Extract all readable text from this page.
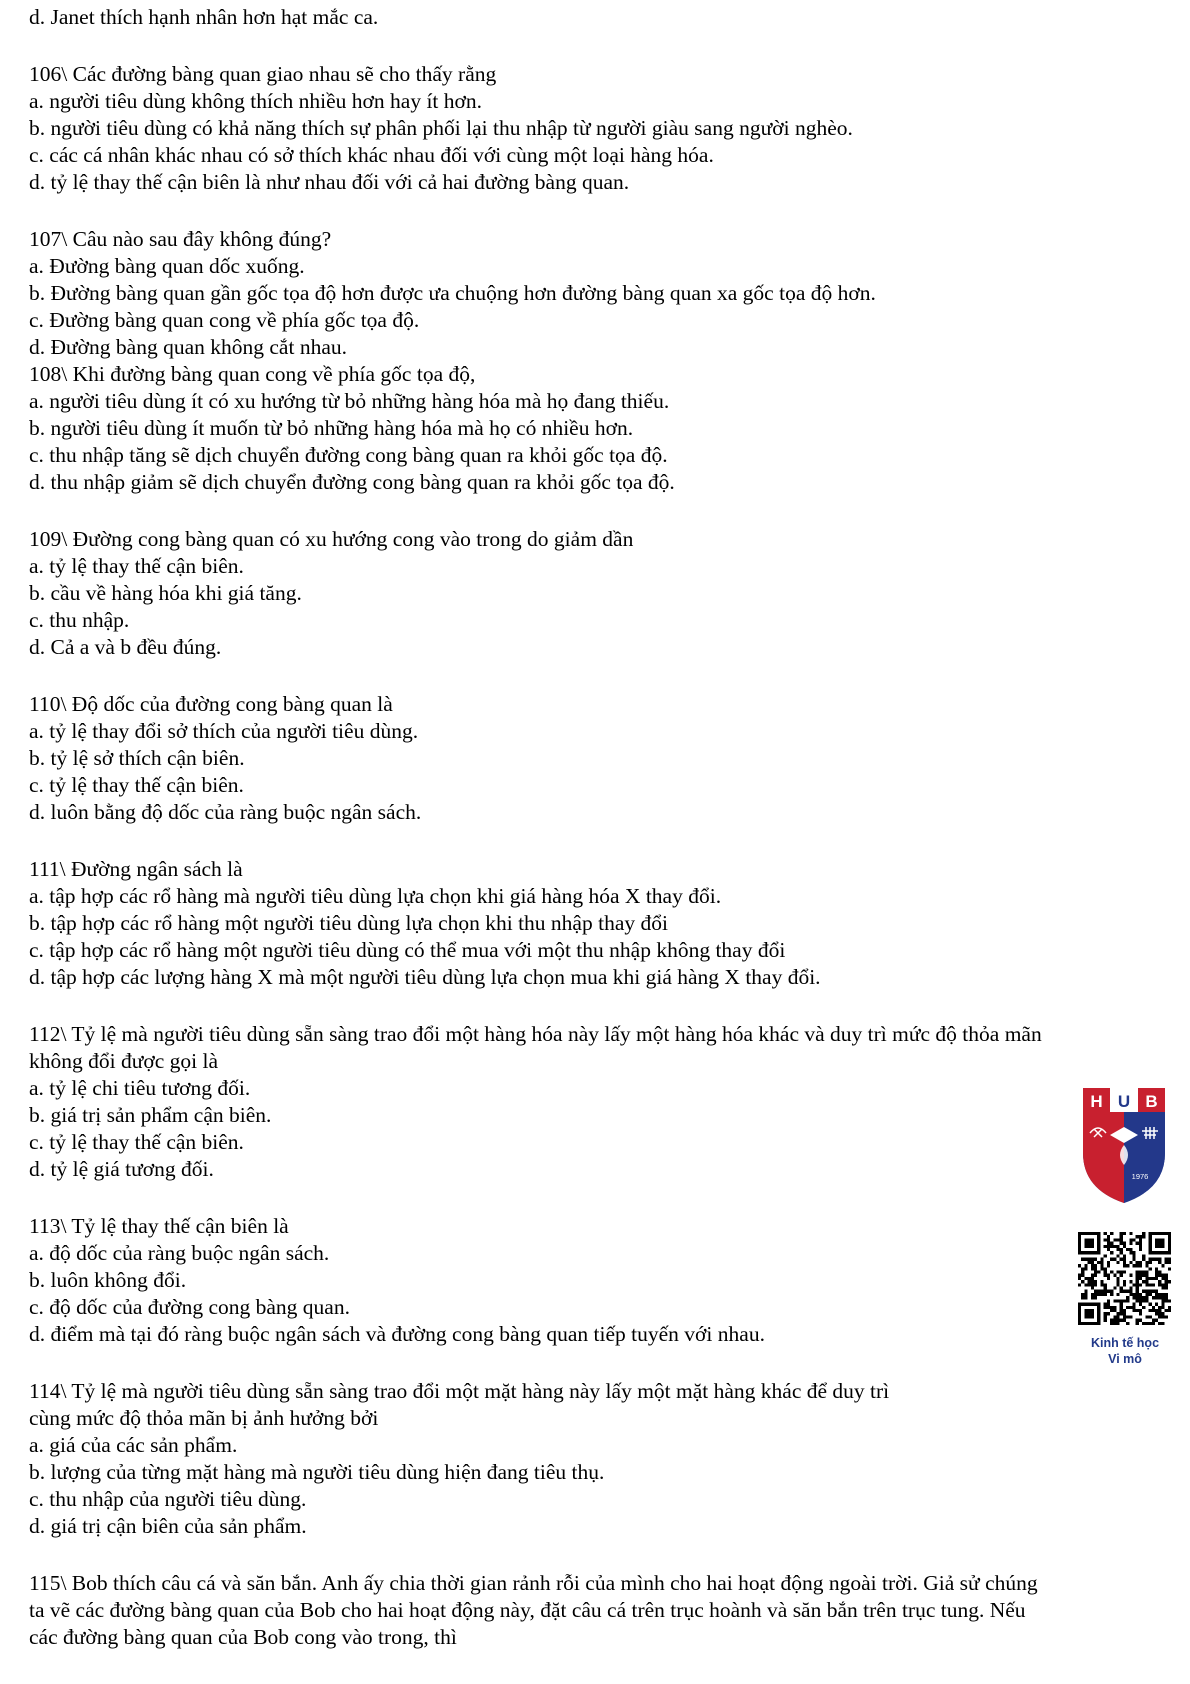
d. Janet thích hạnh nhân hơn hạt mắc ca.
106\ Các đường bàng quan giao nhau sẽ cho thấy rằng
a. người tiêu dùng không thích nhiều hơn hay ít hơn.
b. người tiêu dùng có khả năng thích sự phân phối lại thu nhập từ người giàu sang người nghèo.
c. các cá nhân khác nhau có sở thích khác nhau đối với cùng một loại hàng hóa.
d. tỷ lệ thay thế cận biên là như nhau đối với cả hai đường bàng quan.
107\ Câu nào sau đây không đúng?
a. Đường bàng quan dốc xuống.
b. Đường bàng quan gần gốc tọa độ hơn được ưa chuộng hơn đường bàng quan xa gốc tọa độ hơn.
c. Đường bàng quan cong về phía gốc tọa độ.
d. Đường bàng quan không cắt nhau.
108\ Khi đường bàng quan cong về phía gốc tọa độ,
a. người tiêu dùng ít có xu hướng từ bỏ những hàng hóa mà họ đang thiếu.
b. người tiêu dùng ít muốn từ bỏ những hàng hóa mà họ có nhiều hơn.
c. thu nhập tăng sẽ dịch chuyển đường cong bàng quan ra khỏi gốc tọa độ.
d. thu nhập giảm sẽ dịch chuyển đường cong bàng quan ra khỏi gốc tọa độ.
109\ Đường cong bàng quan có xu hướng cong vào trong do giảm dần
a. tỷ lệ thay thế cận biên.
b. cầu về hàng hóa khi giá tăng.
c. thu nhập.
d. Cả a và b đều đúng.
110\ Độ dốc của đường cong bàng quan là
a. tỷ lệ thay đổi sở thích của người tiêu dùng.
b. tỷ lệ sở thích cận biên.
c. tỷ lệ thay thế cận biên.
d. luôn bằng độ dốc của ràng buộc ngân sách.
111\ Đường ngân sách là
a. tập hợp các rổ hàng mà người tiêu dùng lựa chọn khi giá hàng hóa X thay đổi.
b. tập hợp các rổ hàng một người tiêu dùng lựa chọn khi thu nhập thay đổi
c. tập hợp các rổ hàng một người tiêu dùng có thể mua với một thu nhập không thay đổi
d. tập hợp các lượng hàng X mà một người tiêu dùng lựa chọn mua khi giá hàng X thay đổi.
112\ Tỷ lệ mà người tiêu dùng sẵn sàng trao đổi một hàng hóa này lấy một hàng hóa khác và duy trì mức độ thỏa mãn
không đổi được gọi là
a. tỷ lệ chi tiêu tương đối.
b. giá trị sản phẩm cận biên.
c. tỷ lệ thay thế cận biên.
d. tỷ lệ giá tương đối.
113\ Tỷ lệ thay thế cận biên là
a. độ dốc của ràng buộc ngân sách.
b. luôn không đổi.
c. độ dốc của đường cong bàng quan.
d. điểm mà tại đó ràng buộc ngân sách và đường cong bàng quan tiếp tuyến với nhau.
114\ Tỷ lệ mà người tiêu dùng sẵn sàng trao đổi một mặt hàng này lấy một mặt hàng khác để duy trì
cùng mức độ thỏa mãn bị ảnh hưởng bởi
a. giá của các sản phẩm.
b. lượng của từng mặt hàng mà người tiêu dùng hiện đang tiêu thụ.
c. thu nhập của người tiêu dùng.
d. giá trị cận biên của sản phẩm.
115\ Bob thích câu cá và săn bắn. Anh ấy chia thời gian rảnh rỗi của mình cho hai hoạt động ngoài trời. Giả sử chúng
ta vẽ các đường bàng quan của Bob cho hai hoạt động này, đặt câu cá trên trục hoành và săn bắn trên trục tung. Nếu
các đường bàng quan của Bob cong vào trong, thì
H U B
1976
Kinh tế học
Vi mô
